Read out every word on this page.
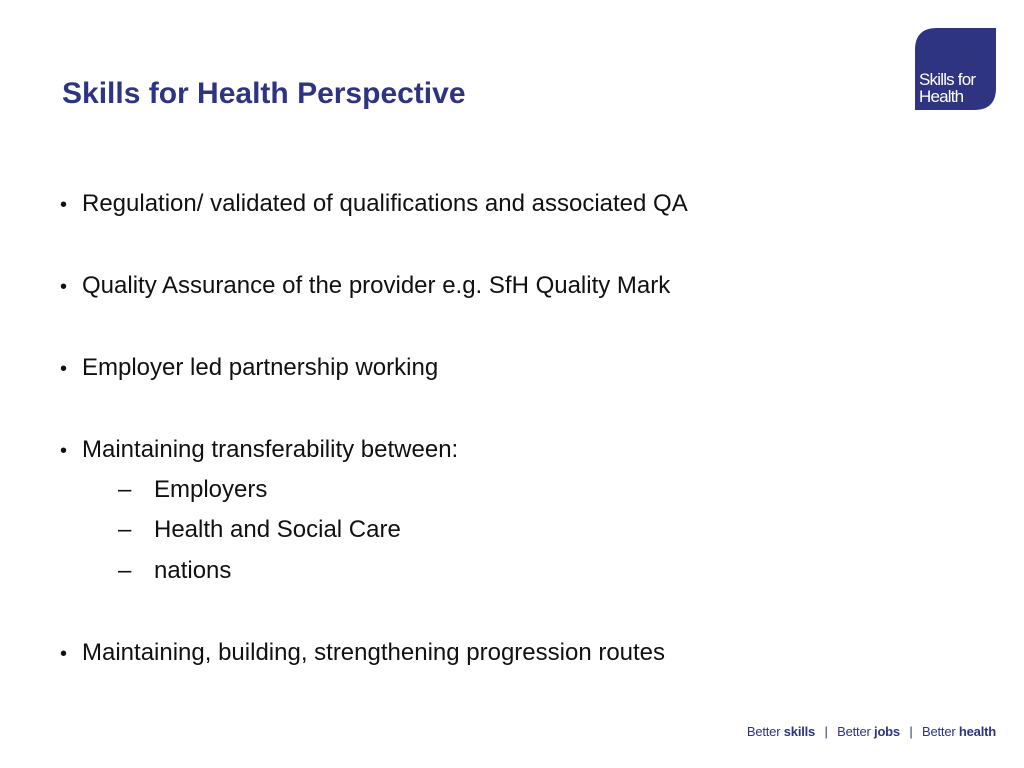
Skills for Health Perspective	Skills for
Health
• Regulation/ validated of qualifications and associated QA
• Quality Assurance of the provider e.g. SfH Quality Mark
• Employer led partnership working
• Maintaining transferability between:
– Employers
– Health and Social Care
– nations
• Maintaining, building, strengthening progression routes
Better skills | Better jobs | Better health
